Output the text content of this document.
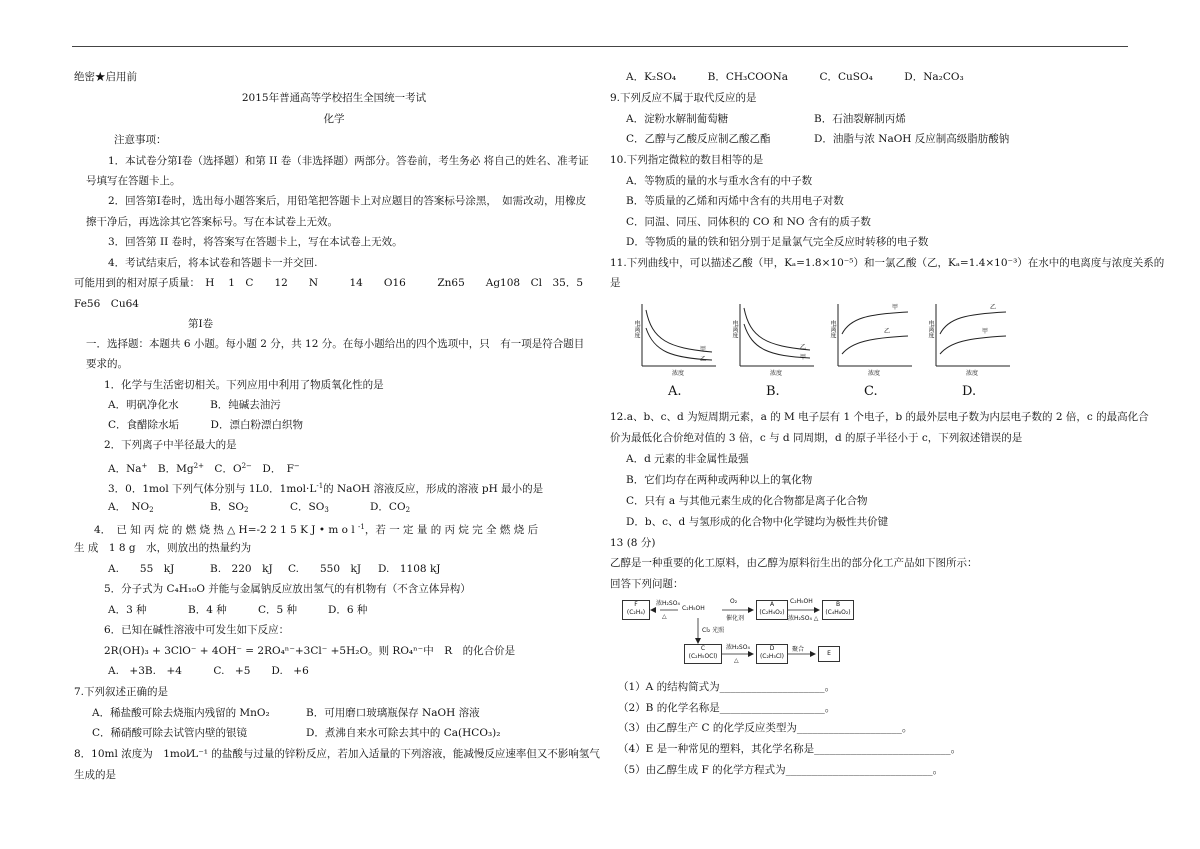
绝密★启用前
2015年普通高等学校招生全国统一考试
化学
注意事项：
1．本试卷分第Ⅰ卷（选择题）和第 II 卷（非选择题）两部分。答卷前，考生务必 将自己的姓名、准考证
号填写在答题卡上。
2．回答第Ⅰ卷时，选出每小题答案后，用铅笔把答题卡上对应题目的答案标号涂黑，　如需改动，用橡皮
擦干净后，再选涂其它答案标号。写在本试卷上无效。
3．回答第 II 卷时，将答案写在答题卡上，写在本试卷上无效。
4．考试结束后，将本试卷和答题卡一并交回.
可能用到的相对原子质量：　H　 1　C　　12　　N　　　14　　O16　　　Zn65　　Ag108　Cl　35．5
Fe56　Cu64
第Ⅰ卷
一．选择题：本题共 6 小题。每小题 2 分，共 12 分。在每小题给出的四个选项中，只　有一项是符合题目
要求的。
1．化学与生活密切相关。下列应用中利用了物质氧化性的是
A．明矾净化水　　　B．纯碱去油污
C．食醋除水垢　　　D．漂白粉漂白织物
2．下列离子中半径最大的是
A．Na+　B．$Mg^{2+}$　C．$O^{2-}$　D．　F−
3．0．1mol 下列气体分别与 1L0．$1mol\cdot L^{-1}$的 NaOH 溶液反应，形成的溶液 pH 最小的是
A．　$NO_2$	B．$SO_2$	C．$SO_3$	D．$CO_2$
4．　已 知 丙 烷 的 燃 烧 热 △ H=-2 2 1 5 K J • m o l $^{-1}$，若 一 定 量 的 丙 烷 完 全 燃 烧 后
生 成　1 8 g　水，则放出的热量约为
A.　　55　kJ	B.　220　kJ C.　　550　kJ D.　1108 kJ
5．分子式为 C₄H₁₀O 并能与金属钠反应放出氢气的有机物有（不含立体异构）
A．3 种	B．4 种	C．5 种	D．6 种
6．已知在碱性溶液中可发生如下反应：
2R(OH)₃ + 3ClO⁻ + 4OH⁻ = 2RO₄ⁿ⁻+3Cl⁻ +5H₂O。则 RO₄ⁿ⁻中　R　的化合价是
A.　+3B.　+4　　　C.　+5　　D.　+6
7.下列叙述正确的是
A．稀盐酸可除去烧瓶内残留的 MnO₂	B．可用磨口玻璃瓶保存 NaOH 溶液
C．稀硝酸可除去试管内壁的银镜	D．煮沸自来水可除去其中的 Ca(HCO₃)₂
8．10ml 浓度为　1mol⁄L⁻¹ 的盐酸与过量的锌粉反应，若加入适量的下列溶液，能减慢反应速率但又不影响氢气
生成的是
A．K₂SO₄　　　B．CH₃COONa　　　C．CuSO₄　　　D．Na₂CO₃
9.下列反应不属于取代反应的是
A．淀粉水解制葡萄糖	B．石油裂解制丙烯
C．乙醇与乙酸反应制乙酸乙酯	D．油脂与浓 NaOH 反应制高级脂肪酸钠
10.下列指定微粒的数目相等的是
A．等物质的量的水与重水含有的中子数
B．等质量的乙烯和丙烯中含有的共用电子对数
C．同温、同压、同体积的 CO 和 NO 含有的质子数
D．等物质的量的铁和铝分别于足量氯气完全反应时转移的电子数
11.下列曲线中，可以描述乙酸（甲，Kₐ=1.8×10⁻⁵）和一氯乙酸（乙，Kₐ=1.4×10⁻³）在水中的电离度与浓度关系的
是
电离度
浓度
甲
乙
A.
电离度
浓度
乙
甲
B.
电离度
浓度
甲
乙
C.
电离度
浓度
乙
甲
D.
12.a、b、c、d 为短周期元素，a 的 M 电子层有 1 个电子，b 的最外层电子数为内层电子数的 2 倍，c 的最高化合
价为最低化合价绝对值的 3 倍，c 与 d 同周期，d 的原子半径小于 c，下列叙述错误的是
A．d 元素的非金属性最强
B．它们均存在两种或两种以上的氧化物
C．只有 a 与其他元素生成的化合物都是离子化合物
D．b、c、d 与氢形成的化合物中化学键均为极性共价键
13 (8 分)
乙醇是一种重要的化工原料，由乙醇为原料衍生出的部分化工产品如下图所示：
回答下列问题：
F
(C₂H₄)
C₂H₅OH
浓H₂SO₄
△
O₂
催化剂
A
(C₂H₄O₂)
C₂H₅OH
浓H₂SO₄ △
B
(C₄H₈O₂)
Cl₂ 光照
C
(C₂H₅OCl)
浓H₂SO₄
△
D
(C₂H₃Cl)
聚合
E
（1）A 的结构简式为____________________。
（2）B 的化学名称是____________________。
（3）由乙醇生产 C 的化学反应类型为____________________。
（4）E 是一种常见的塑料，其化学名称是__________________________。
（5）由乙醇生成 F 的化学方程式为____________________________。
